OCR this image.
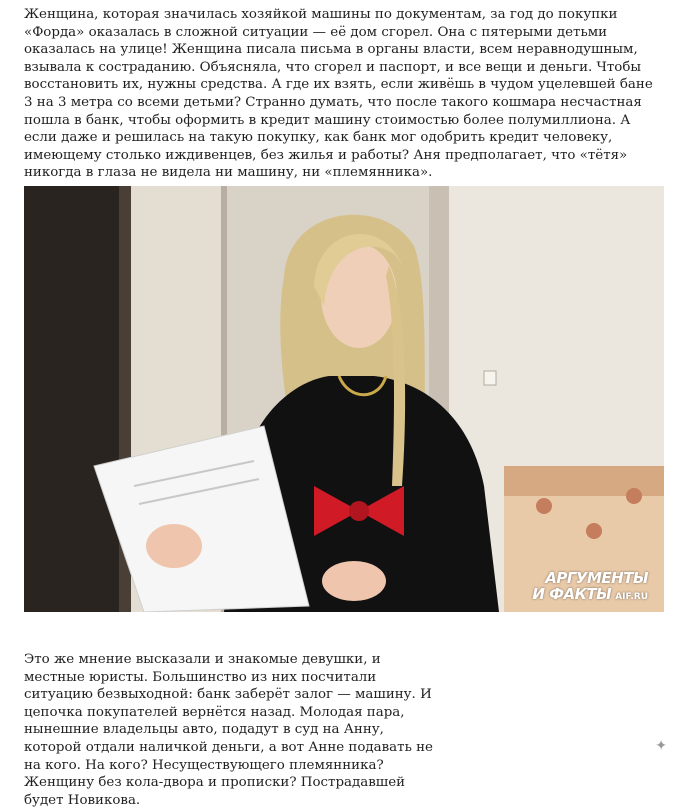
Женщина, которая значилась хозяйкой машины по документам, за год до покупки «Форда» оказалась в сложной ситуации — её дом сгорел. Она с пятерыми детьми оказалась на улице! Женщина писала письма в органы власти, всем неравнодушным, взывала к состраданию. Объясняла, что сгорел и паспорт, и все вещи и деньги. Чтобы восстановить их, нужны средства. А где их взять, если живёшь в чудом уцелевшей бане 3 на 3 метра со всеми детьми? Странно думать, что после такого кошмара несчастная пошла в банк, чтобы оформить в кредит машину стоимостью более полумиллиона. А если даже и решилась на такую покупку, как банк мог одобрить кредит человеку, имеющему столько иждивенцев, без жилья и работы? Аня предполагает, что «тётя» никогда в глаза не видела ни машину, ни «племянника».

АРГУМЕНТЫ
И ФАКТЫ AIF.RU

Это же мнение высказали и знакомые девушки, и местные юристы. Большинство из них посчитали ситуацию безвыходной: банк заберёт залог — машину. И цепочка покупателей вернётся назад. Молодая пара, нынешние владельцы авто, подадут в суд на Анну, которой отдали наличкой деньги, а вот Анне подавать не на кого. На кого? Несуществующего племянника? Женщину без кола-двора и прописки? Пострадавшей будет Новикова.

✦
